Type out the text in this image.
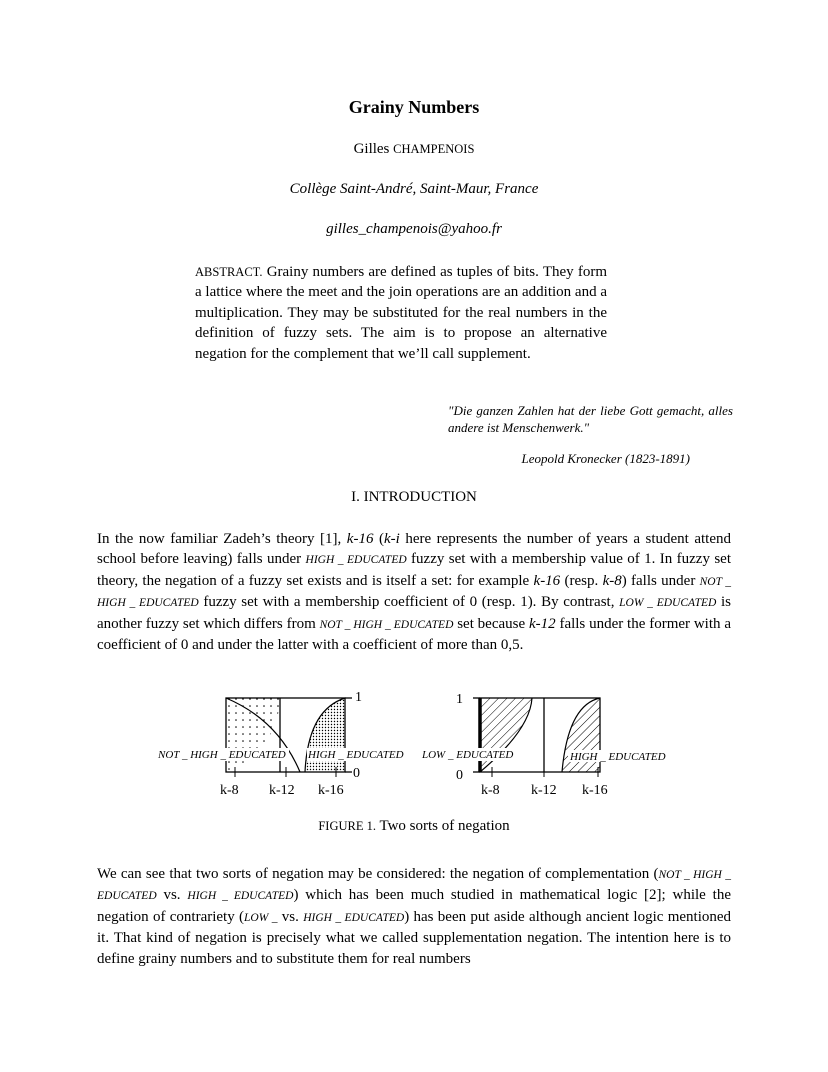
Grainy Numbers
Gilles CHAMPENOIS
Collège Saint-André, Saint-Maur, France
gilles_champenois@yahoo.fr
ABSTRACT. Grainy numbers are defined as tuples of bits. They form a lattice where the meet and the join operations are an addition and a multiplication. They may be substituted for the real numbers in the definition of fuzzy sets. The aim is to propose an alternative negation for the complement that we’ll call supplement.
"Die ganzen Zahlen hat der liebe Gott gemacht, alles andere ist Menschenwerk."
Leopold Kronecker (1823-1891)
I. INTRODUCTION
In the now familiar Zadeh’s theory [1], k-16 (k-i here represents the number of years a student attend school before leaving) falls under HIGH _ EDUCATED fuzzy set with a membership value of 1. In fuzzy set theory, the negation of a fuzzy set exists and is itself a set: for example k-16 (resp. k-8) falls under NOT _ HIGH _ EDUCATED fuzzy set with a membership coefficient of 0 (resp. 1). By contrast, LOW _ EDUCATED is another fuzzy set which differs from NOT _ HIGH _ EDUCATED set because k-12 falls under the former with a coefficient of 0 and under the latter with a coefficient of more than 0,5.
NOT _ HIGH _ EDUCATED HIGH _ EDUCATED
1
0
k-8 k-12 k-16
LOW _ EDUCATED	HIGH _ EDUCATED
1
0
k-8 k-12 k-16
FIGURE 1. Two sorts of negation
We can see that two sorts of negation may be considered: the negation of complementation (NOT _ HIGH _ EDUCATED vs. HIGH _ EDUCATED) which has been much studied in mathematical logic [2]; while the negation of contrariety (LOW _ vs. HIGH _ EDUCATED) has been put aside although ancient logic mentioned it. That kind of negation is precisely what we called supplementation negation. The intention here is to define grainy numbers and to substitute them for real numbers
